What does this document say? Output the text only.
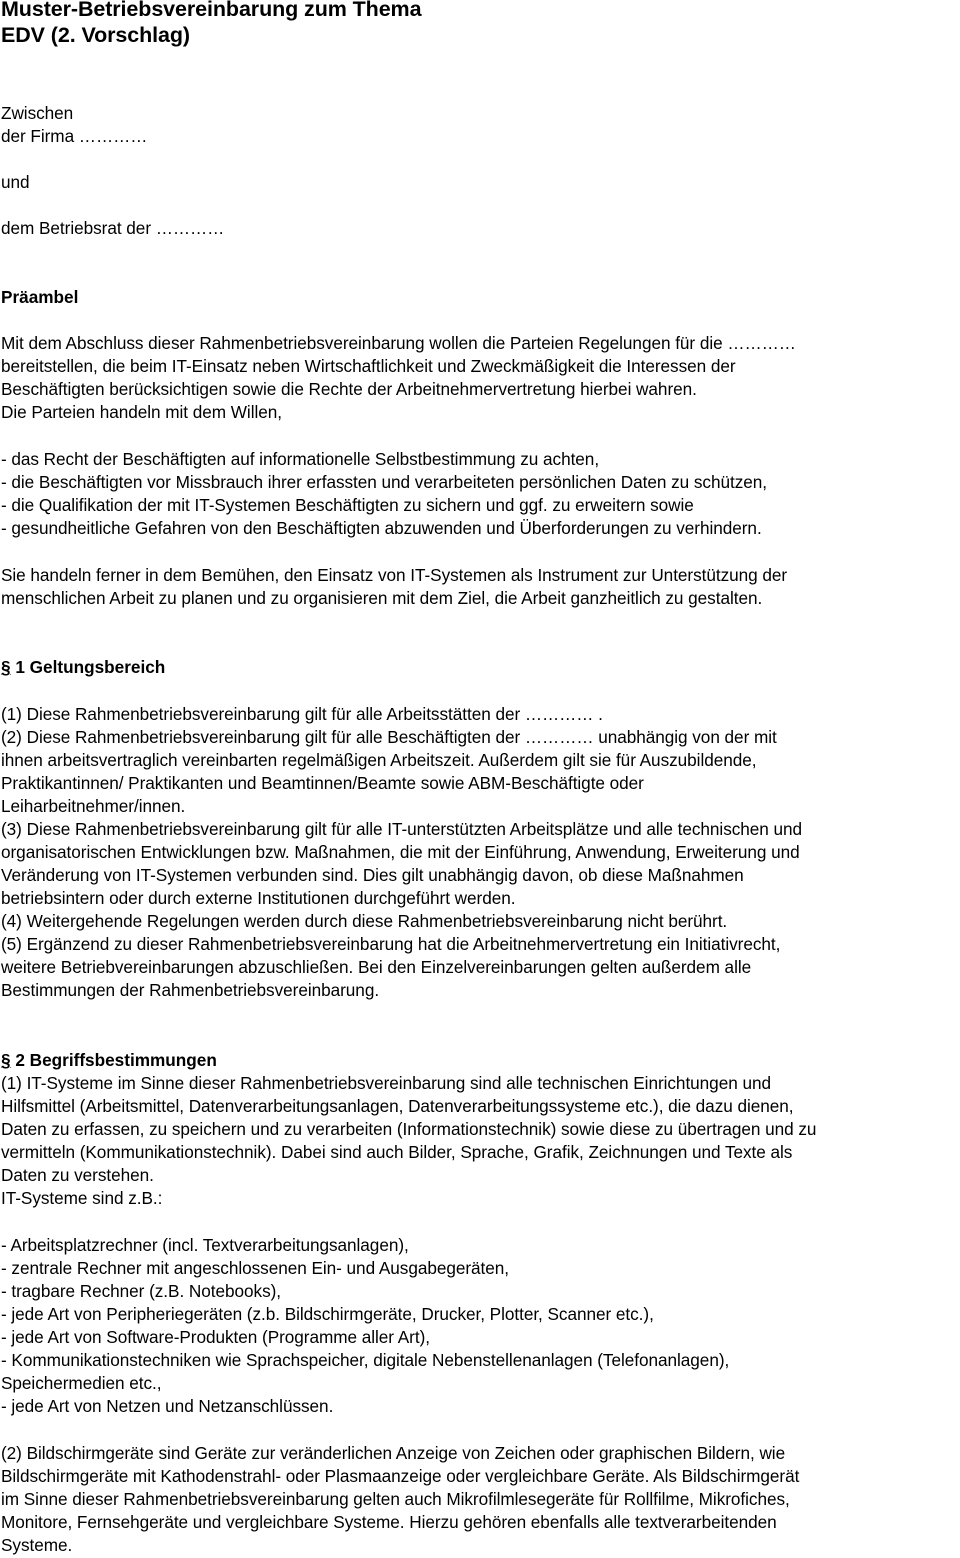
Muster-Betriebsvereinbarung zum Thema
EDV (2. Vorschlag)
Zwischen
der Firma …………
und
dem Betriebsrat der …………
Präambel
Mit dem Abschluss dieser Rahmenbetriebsvereinbarung wollen die Parteien Regelungen für die …………
bereitstellen, die beim IT-Einsatz neben Wirtschaftlichkeit und Zweckmäßigkeit die Interessen der
Beschäftigten berücksichtigen sowie die Rechte der Arbeitnehmervertretung hierbei wahren.
Die Parteien handeln mit dem Willen,
- das Recht der Beschäftigten auf informationelle Selbstbestimmung zu achten,
- die Beschäftigten vor Missbrauch ihrer erfassten und verarbeiteten persönlichen Daten zu schützen,
- die Qualifikation der mit IT-Systemen Beschäftigten zu sichern und ggf. zu erweitern sowie
- gesundheitliche Gefahren von den Beschäftigten abzuwenden und Überforderungen zu verhindern.
Sie handeln ferner in dem Bemühen, den Einsatz von IT-Systemen als Instrument zur Unterstützung der
menschlichen Arbeit zu planen und zu organisieren mit dem Ziel, die Arbeit ganzheitlich zu gestalten.
§ 1 Geltungsbereich
(1) Diese Rahmenbetriebsvereinbarung gilt für alle Arbeitsstätten der ………… .
(2) Diese Rahmenbetriebsvereinbarung gilt für alle Beschäftigten der ………… unabhängig von der mit
ihnen arbeitsvertraglich vereinbarten regelmäßigen Arbeitszeit. Außerdem gilt sie für Auszubildende,
Praktikantinnen/ Praktikanten und Beamtinnen/Beamte sowie ABM-Beschäftigte oder
Leiharbeitnehmer/innen.
(3) Diese Rahmenbetriebsvereinbarung gilt für alle IT-unterstützten Arbeitsplätze und alle technischen und
organisatorischen Entwicklungen bzw. Maßnahmen, die mit der Einführung, Anwendung, Erweiterung und
Veränderung von IT-Systemen verbunden sind. Dies gilt unabhängig davon, ob diese Maßnahmen
betriebsintern oder durch externe Institutionen durchgeführt werden.
(4) Weitergehende Regelungen werden durch diese Rahmenbetriebsvereinbarung nicht berührt.
(5) Ergänzend zu dieser Rahmenbetriebsvereinbarung hat die Arbeitnehmervertretung ein Initiativrecht,
weitere Betriebvereinbarungen abzuschließen. Bei den Einzelvereinbarungen gelten außerdem alle
Bestimmungen der Rahmenbetriebsvereinbarung.
§ 2 Begriffsbestimmungen
(1) IT-Systeme im Sinne dieser Rahmenbetriebsvereinbarung sind alle technischen Einrichtungen und
Hilfsmittel (Arbeitsmittel, Datenverarbeitungsanlagen, Datenverarbeitungssysteme etc.), die dazu dienen,
Daten zu erfassen, zu speichern und zu verarbeiten (Informationstechnik) sowie diese zu übertragen und zu
vermitteln (Kommunikationstechnik). Dabei sind auch Bilder, Sprache, Grafik, Zeichnungen und Texte als
Daten zu verstehen.
IT-Systeme sind z.B.:
- Arbeitsplatzrechner (incl. Textverarbeitungsanlagen),
- zentrale Rechner mit angeschlossenen Ein- und Ausgabegeräten,
- tragbare Rechner (z.B. Notebooks),
- jede Art von Peripheriegeräten (z.b. Bildschirmgeräte, Drucker, Plotter, Scanner etc.),
- jede Art von Software-Produkten (Programme aller Art),
- Kommunikationstechniken wie Sprachspeicher, digitale Nebenstellenanlagen (Telefonanlagen),
Speichermedien etc.,
- jede Art von Netzen und Netzanschlüssen.
(2) Bildschirmgeräte sind Geräte zur veränderlichen Anzeige von Zeichen oder graphischen Bildern, wie
Bildschirmgeräte mit Kathodenstrahl- oder Plasmaanzeige oder vergleichbare Geräte. Als Bildschirmgerät
im Sinne dieser Rahmenbetriebsvereinbarung gelten auch Mikrofilmlesegeräte für Rollfilme, Mikrofiches,
Monitore, Fernsehgeräte und vergleichbare Systeme. Hierzu gehören ebenfalls alle textverarbeitenden
Systeme.
